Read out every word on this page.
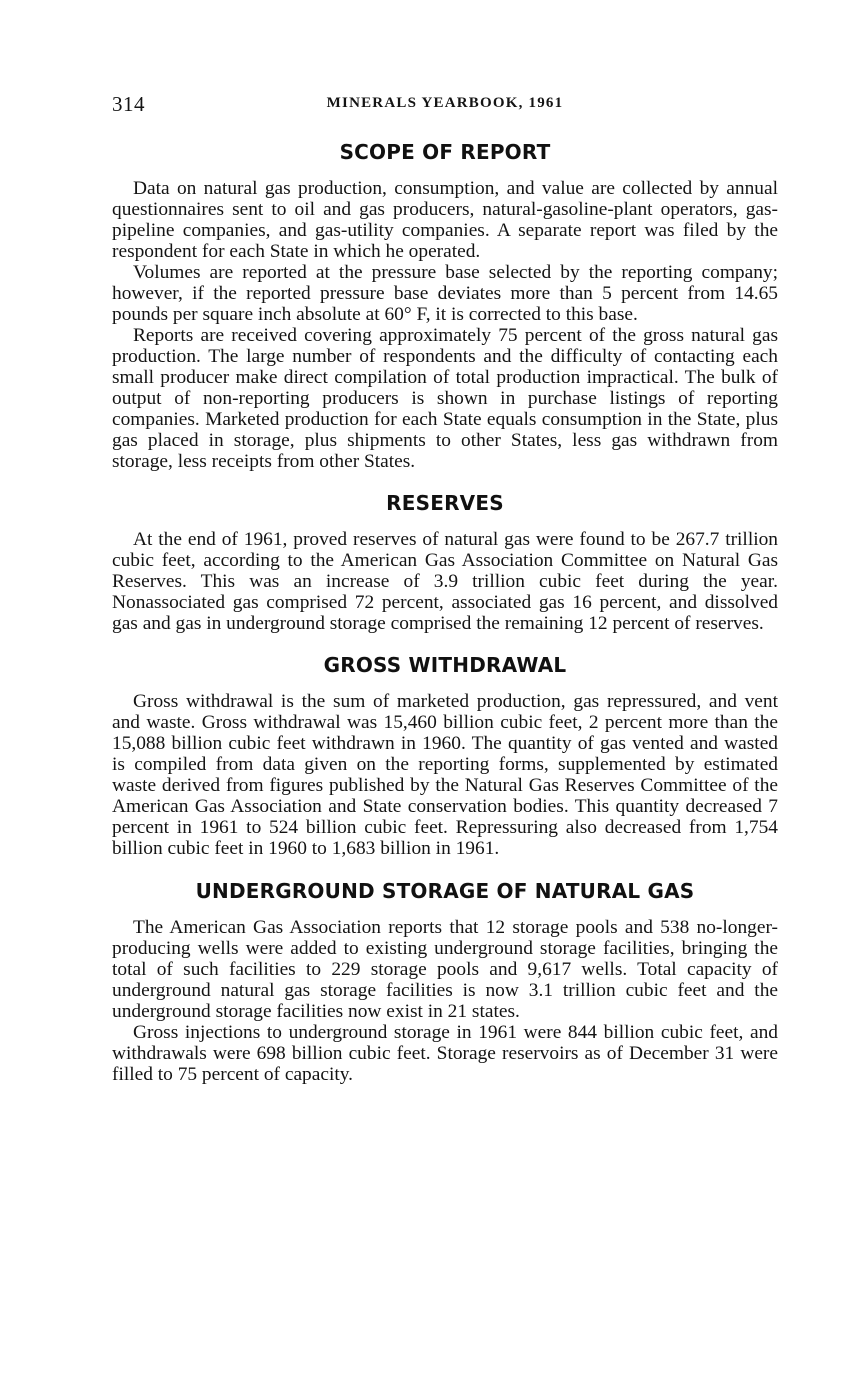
314	MINERALS YEARBOOK, 1961
SCOPE OF REPORT

Data on natural gas production, consumption, and value are collected by annual questionnaires sent to oil and gas producers, natural-gasoline-plant operators, gas-pipeline companies, and gas-utility companies. A separate report was filed by the respondent for each State in which he operated.

Volumes are reported at the pressure base selected by the reporting company; however, if the reported pressure base deviates more than 5 percent from 14.65 pounds per square inch absolute at 60° F, it is corrected to this base.

Reports are received covering approximately 75 percent of the gross natural gas production. The large number of respondents and the difficulty of contacting each small producer make direct compilation of total production impractical. The bulk of output of non-reporting producers is shown in purchase listings of reporting companies. Marketed production for each State equals consumption in the State, plus gas placed in storage, plus shipments to other States, less gas withdrawn from storage, less receipts from other States.

RESERVES

At the end of 1961, proved reserves of natural gas were found to be 267.7 trillion cubic feet, according to the American Gas Association Committee on Natural Gas Reserves. This was an increase of 3.9 trillion cubic feet during the year. Nonassociated gas comprised 72 percent, associated gas 16 percent, and dissolved gas and gas in underground storage comprised the remaining 12 percent of reserves.

GROSS WITHDRAWAL

Gross withdrawal is the sum of marketed production, gas repressured, and vent and waste. Gross withdrawal was 15,460 billion cubic feet, 2 percent more than the 15,088 billion cubic feet withdrawn in 1960. The quantity of gas vented and wasted is compiled from data given on the reporting forms, supplemented by estimated waste derived from figures published by the Natural Gas Reserves Committee of the American Gas Association and State conservation bodies. This quantity decreased 7 percent in 1961 to 524 billion cubic feet. Repressuring also decreased from 1,754 billion cubic feet in 1960 to 1,683 billion in 1961.

UNDERGROUND STORAGE OF NATURAL GAS

The American Gas Association reports that 12 storage pools and 538 no-longer-producing wells were added to existing underground storage facilities, bringing the total of such facilities to 229 storage pools and 9,617 wells. Total capacity of underground natural gas storage facilities is now 3.1 trillion cubic feet and the underground storage facilities now exist in 21 states.

Gross injections to underground storage in 1961 were 844 billion cubic feet, and withdrawals were 698 billion cubic feet. Storage reservoirs as of December 31 were filled to 75 percent of capacity.
